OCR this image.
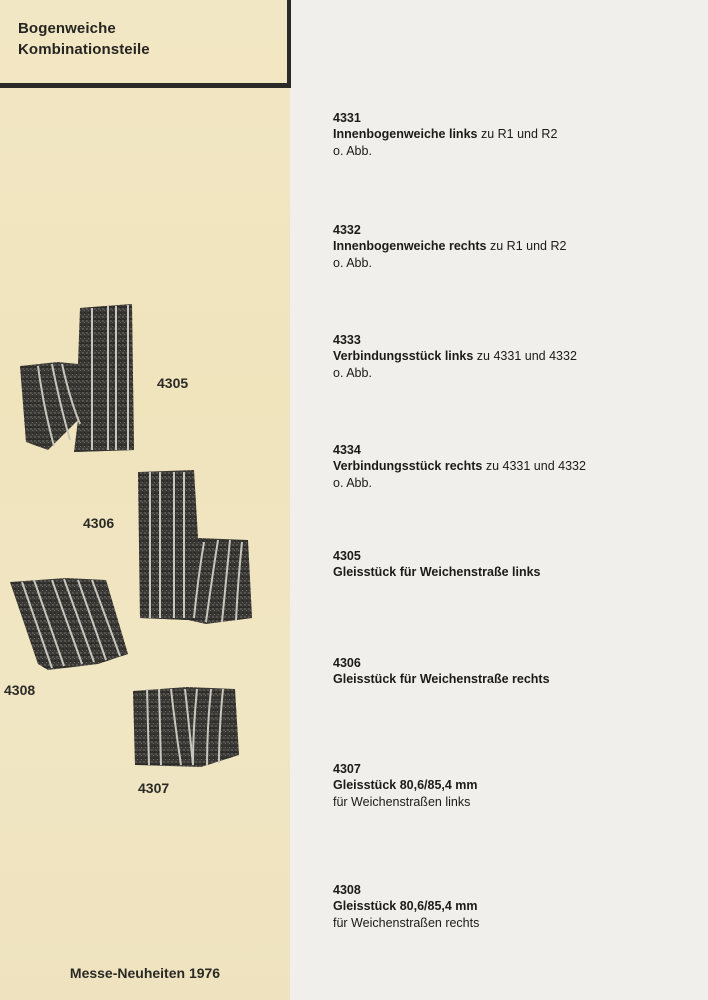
Bogenweiche
Kombinationsteile
4305
4306
4308
4307
Messe-Neuheiten 1976
4331
Innenbogenweiche links zu R1 und R2
o. Abb.
4332
Innenbogenweiche rechts zu R1 und R2
o. Abb.
4333
Verbindungsstück links zu 4331 und 4332
o. Abb.
4334
Verbindungsstück rechts zu 4331 und 4332
o. Abb.
4305
Gleisstück für Weichenstraße links
4306
Gleisstück für Weichenstraße rechts
4307
Gleisstück 80,6/85,4 mm
für Weichenstraßen links
4308
Gleisstück 80,6/85,4 mm
für Weichenstraßen rechts
